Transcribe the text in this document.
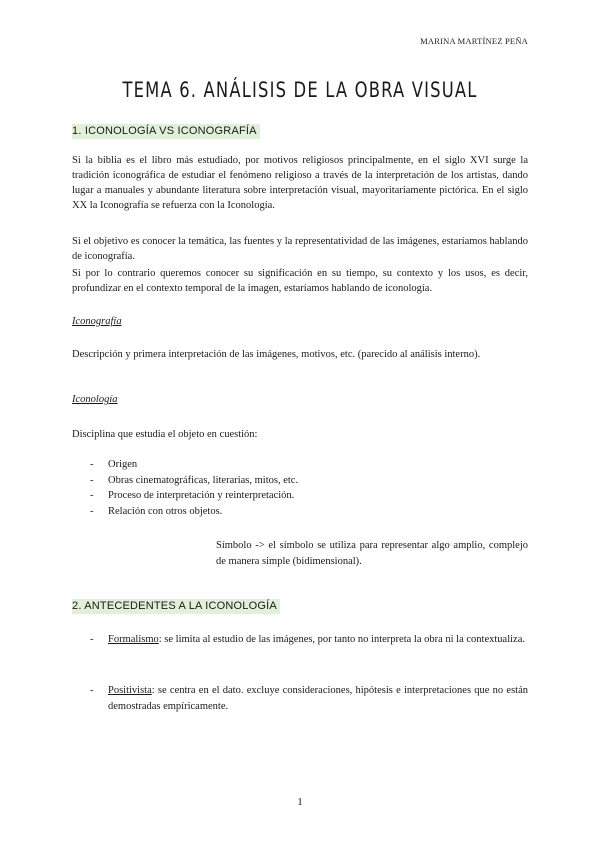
MARINA MARTÍNEZ PEÑA
TEMA 6. ANÁLISIS DE LA OBRA VISUAL
1. ICONOLOGÍA VS ICONOGRAFÍA

Si la biblia es el libro más estudiado, por motivos religiosos principalmente, en el siglo XVI surge la tradición iconográfica de estudiar el fenómeno religioso a través de la interpretación de los artistas, dando lugar a manuales y abundante literatura sobre interpretación visual, mayoritariamente pictórica. En el siglo XX la Iconografía se refuerza con la Iconología.

Si el objetivo es conocer la temática, las fuentes y la representatividad de las imágenes, estaríamos hablando de iconografía.

Si por lo contrario queremos conocer su significación en su tiempo, su contexto y los usos, es decir, profundizar en el contexto temporal de la imagen, estaríamos hablando de iconología.

Iconografía

Descripción y primera interpretación de las imágenes, motivos, etc. (parecido al análisis interno).

Iconología

Disciplina que estudia el objeto en cuestión:

- Origen
- Obras cinematográficas, literarias, mitos, etc.
- Proceso de interpretación y reinterpretación.
- Relación con otros objetos.

Símbolo -> el símbolo se utiliza para representar algo amplio, complejo de manera simple (bidimensional).

2. ANTECEDENTES A LA ICONOLOGÍA
- Formalismo: se limita al estudio de las imágenes, por tanto no interpreta la obra ni la contextualiza.
- Positivista: se centra en el dato. excluye consideraciones, hipótesis e interpretaciones que no están demostradas empíricamente.
1
